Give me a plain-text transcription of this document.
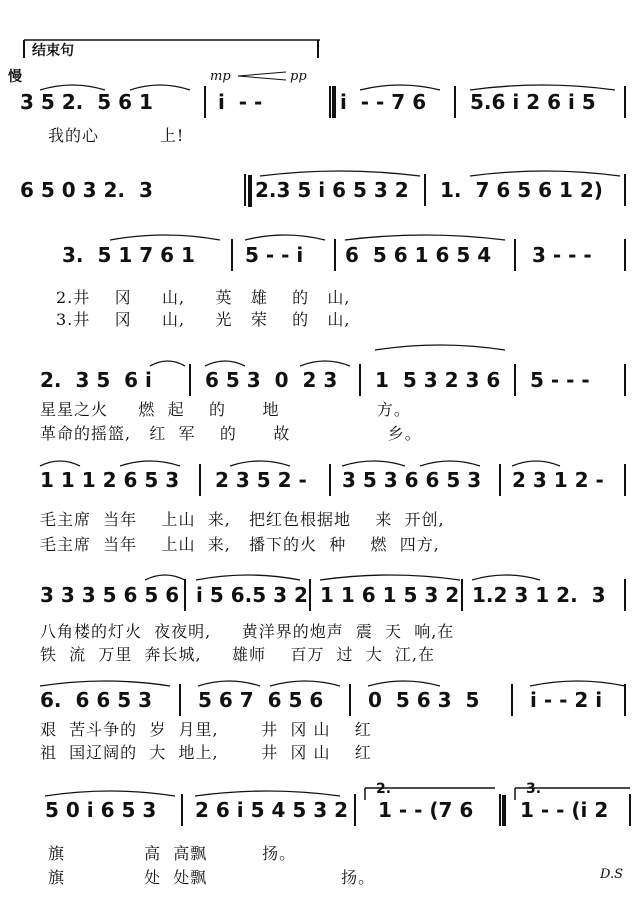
结束句
慢	mp	pp
D.S
3 5 2.  5 6 1	i  - -	i  - - 7 6 5.6 i 2 6 i 5
我的心          上!
6 5 0 3 2.  3	2.3 5 i 6 5 3 2 1.  7 6 5 6 1 2)
3.  5 1 7 6 1	5 - - i 6  5 6 1 6 5 4 3 - - -
2.井    冈     山,     英   雄    的   山,
3.井    冈     山,     光   荣    的   山,
2.  3 5  6 i	6 5 3  0  2 3 1  5 3 2 3 6 5 - - -
星星之火     燃  起    的      地                方。
革命的摇篮,   红  军    的      故                乡。
1 1 1 2 6 5 3 2 3 5 2 - 3 5 3 6 6 5 3 2 3 1 2 -
毛主席  当年    上山  来,   把红色根据地    来  开创,
毛主席  当年    上山  来,   播下的火  种    燃  四方,
3 3 3 5 6 5 6 i 5 6.5 3 2 1 1 6 1 5 3 2 1.2 3 1 2.  3
八角楼的灯火  夜夜明,     黄洋界的炮声  震  天  响,在
铁  流  万里  奔长城,     雄师    百万  过  大  江,在
6.  6 6 5 3 5 6 7  6 5 6 0  5 6 3  5	i - - 2 i
艰  苦斗争的  岁  月里,       井  冈 山    红
祖  国辽阔的  大  地上,       井  冈 山    红
5 0 i 6 5 3 2 6 i 5 4 5 3 2 1 - - (7 6 1 - - (i 2
旗             高  高飘         扬。
旗             处  处飘                      扬。
2.	3.
